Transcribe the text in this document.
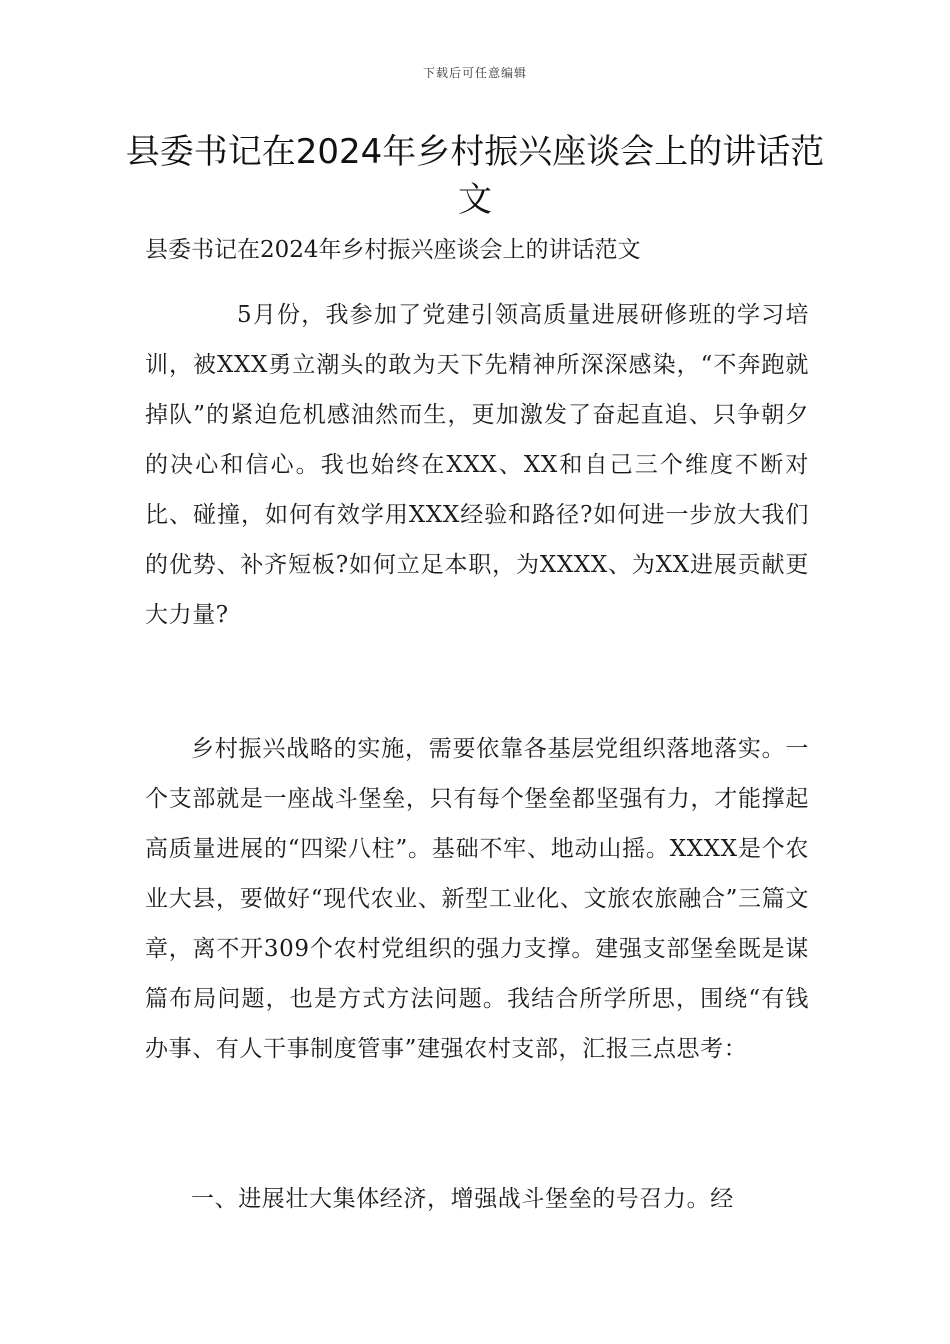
下载后可任意编辑
县委书记在2024年乡村振兴座谈会上的讲话范文

县委书记在2024年乡村振兴座谈会上的讲话范文

5月份，我参加了党建引领高质量进展研修班的学习培训，被XXX勇立潮头的敢为天下先精神所深深感染，“不奔跑就掉队”的紧迫危机感油然而生，更加激发了奋起直追、只争朝夕的决心和信心。我也始终在XXX、XX和自己三个维度不断对比、碰撞，如何有效学用XXX经验和路径?如何进一步放大我们的优势、补齐短板?如何立足本职，为XXXX、为XX进展贡献更大力量?

乡村振兴战略的实施，需要依靠各基层党组织落地落实。一个支部就是一座战斗堡垒，只有每个堡垒都坚强有力，才能撑起高质量进展的“四梁八柱”。基础不牢、地动山摇。XXXX是个农业大县，要做好“现代农业、新型工业化、文旅农旅融合”三篇文章，离不开309个农村党组织的强力支撑。建强支部堡垒既是谋篇布局问题，也是方式方法问题。我结合所学所思，围绕“有钱办事、有人干事制度管事”建强农村支部，汇报三点思考：

一、进展壮大集体经济，增强战斗堡垒的号召力。经
